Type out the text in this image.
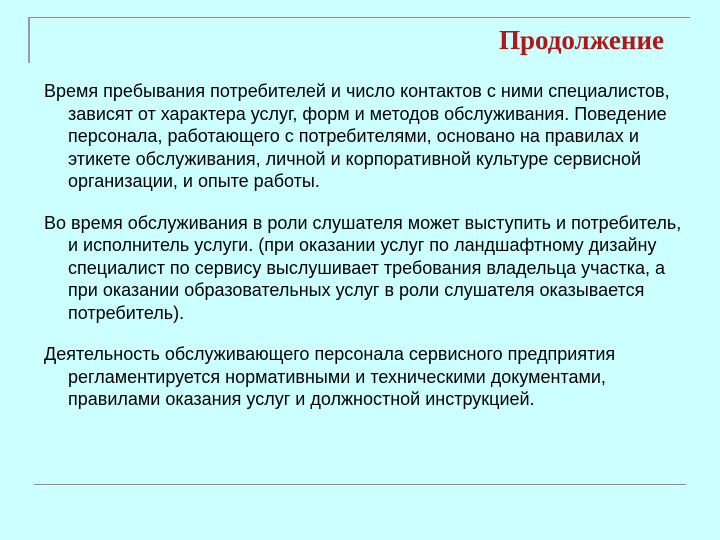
Продолжение

Время пребывания потребителей и число контактов с ними специалистов, зависят от характера услуг, форм и методов обслуживания. Поведение персонала, работающего с потребителями, основано на правилах и этикете обслуживания, личной и корпоративной культуре сервисной организации, и опыте работы.

Во время обслуживания в роли слушателя может выступить и потребитель, и исполнитель услуги. (при оказании услуг по ландшафтному дизайну специалист по сервису выслушивает требования владельца участка, а при оказании образовательных услуг в роли слушателя оказывается потребитель).

Деятельность обслуживающего персонала сервисного предприятия регламентируется нормативными и техническими документами, правилами оказания услуг и должностной инструкцией.
